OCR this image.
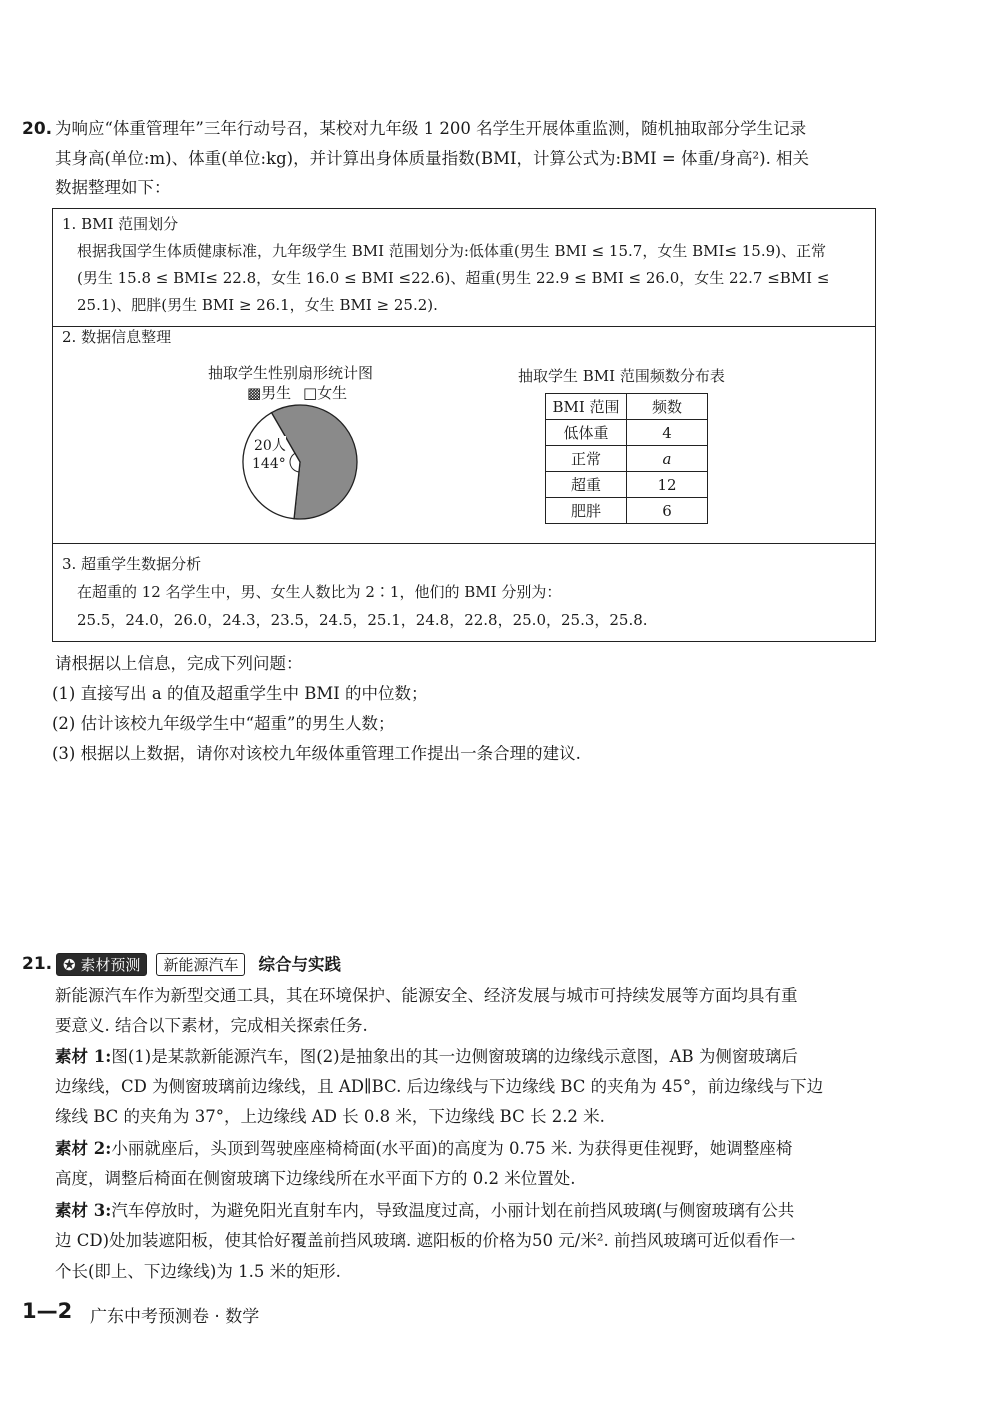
20. 为响应“体重管理年”三年行动号召，某校对九年级 1 200 名学生开展体重监测，随机抽取部分学生记录
其身高(单位:m)、体重(单位:kg)，并计算出身体质量指数(BMI，计算公式为:BMI = 体重/身高²). 相关
数据整理如下：
1. BMI 范围划分
根据我国学生体质健康标准，九年级学生 BMI 范围划分为:低体重(男生 BMI ≤ 15.7，女生 BMI≤ 15.9)、正常
(男生 15.8 ≤ BMI≤ 22.8，女生 16.0 ≤ BMI ≤22.6)、超重(男生 22.9 ≤ BMI ≤ 26.0，女生 22.7 ≤BMI ≤
25.1)、肥胖(男生 BMI ≥ 26.1，女生 BMI ≥ 25.2).
2. 数据信息整理
抽取学生性别扇形统计图
▩男生 □女生
20人
144°
抽取学生 BMI 范围频数分布表
BMI 范围	频数
低体重	4
正常	a
超重	12
肥胖	6
3. 超重学生数据分析
在超重的 12 名学生中，男、女生人数比为 2∶1，他们的 BMI 分别为：
25.5，24.0，26.0，24.3，23.5，24.5，25.1，24.8，22.8，25.0，25.3，25.8.
请根据以上信息，完成下列问题：
(1) 直接写出 a 的值及超重学生中 BMI 的中位数；
(2) 估计该校九年级学生中“超重”的男生人数；
(3) 根据以上数据，请你对该校九年级体重管理工作提出一条合理的建议.
21. ✪ 素材预测 新能源汽车 综合与实践
新能源汽车作为新型交通工具，其在环境保护、能源安全、经济发展与城市可持续发展等方面均具有重
要意义. 结合以下素材，完成相关探索任务.
素材 1:图(1)是某款新能源汽车，图(2)是抽象出的其一边侧窗玻璃的边缘线示意图，AB 为侧窗玻璃后
边缘线，CD 为侧窗玻璃前边缘线，且 AD∥BC. 后边缘线与下边缘线 BC 的夹角为 45°，前边缘线与下边
缘线 BC 的夹角为 37°，上边缘线 AD 长 0.8 米，下边缘线 BC 长 2.2 米.
素材 2:小丽就座后，头顶到驾驶座座椅椅面(水平面)的高度为 0.75 米. 为获得更佳视野，她调整座椅
高度，调整后椅面在侧窗玻璃下边缘线所在水平面下方的 0.2 米位置处.
素材 3:汽车停放时，为避免阳光直射车内，导致温度过高，小丽计划在前挡风玻璃(与侧窗玻璃有公共
边 CD)处加装遮阳板，使其恰好覆盖前挡风玻璃. 遮阳板的价格为50 元/米². 前挡风玻璃可近似看作一
个长(即上、下边缘线)为 1.5 米的矩形.
1—2 广东中考预测卷 · 数学
